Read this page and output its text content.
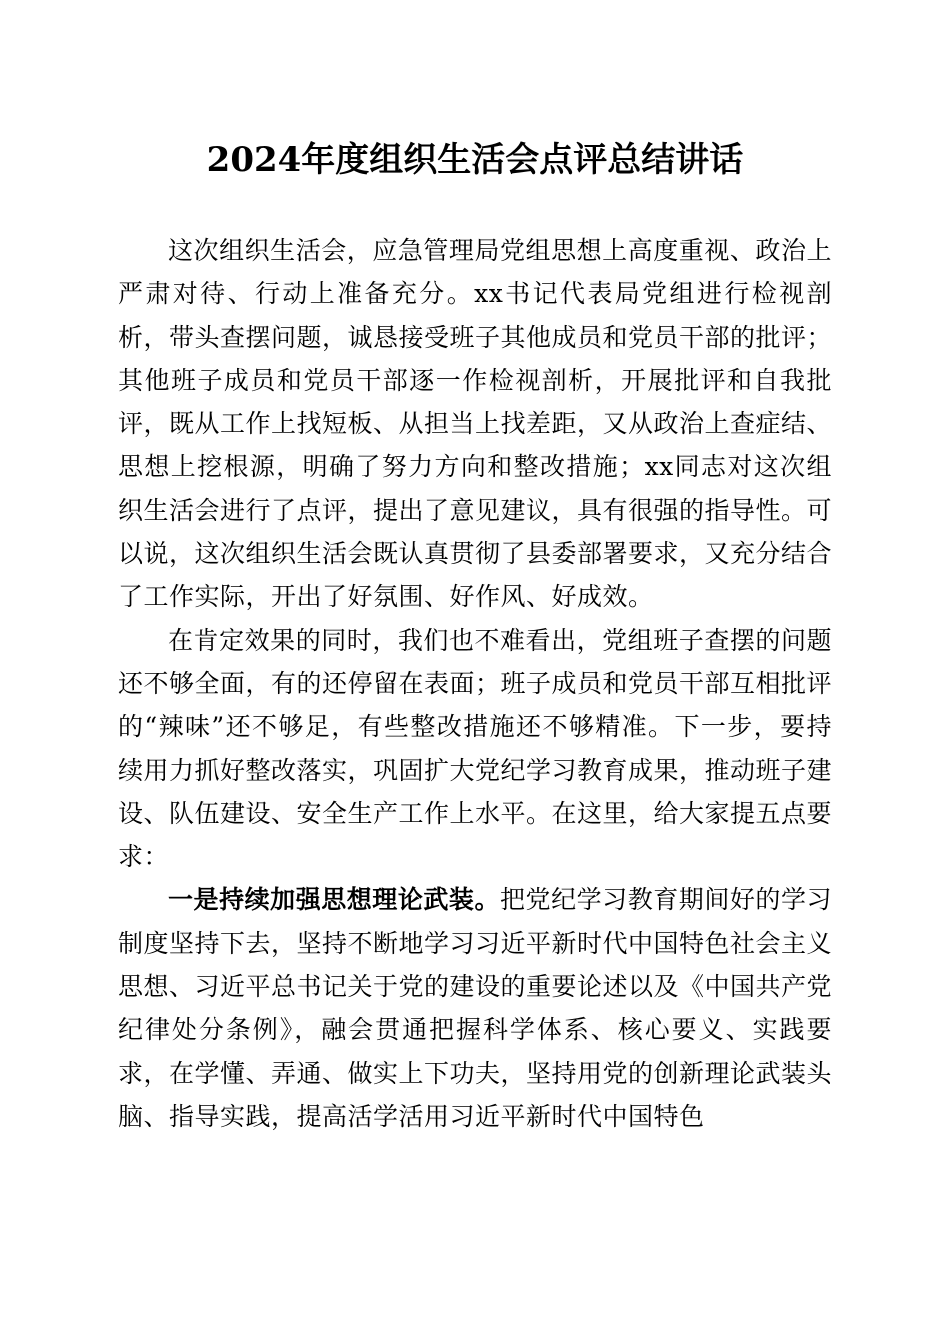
2024年度组织生活会点评总结讲话

这次组织生活会，应急管理局党组思想上高度重视、政治上严肃对待、行动上准备充分。xx书记代表局党组进行检视剖析，带头查摆问题，诚恳接受班子其他成员和党员干部的批评；其他班子成员和党员干部逐一作检视剖析，开展批评和自我批评，既从工作上找短板、从担当上找差距，又从政治上查症结、思想上挖根源，明确了努力方向和整改措施；xx同志对这次组织生活会进行了点评，提出了意见建议，具有很强的指导性。可以说，这次组织生活会既认真贯彻了县委部署要求，又充分结合了工作实际，开出了好氛围、好作风、好成效。

在肯定效果的同时，我们也不难看出，党组班子查摆的问题还不够全面，有的还停留在表面；班子成员和党员干部互相批评的“辣味”还不够足，有些整改措施还不够精准。下一步，要持续用力抓好整改落实，巩固扩大党纪学习教育成果，推动班子建设、队伍建设、安全生产工作上水平。在这里，给大家提五点要求：

一是持续加强思想理论武装。把党纪学习教育期间好的学习制度坚持下去，坚持不断地学习习近平新时代中国特色社会主义思想、习近平总书记关于党的建设的重要论述以及《中国共产党纪律处分条例》，融会贯通把握科学体系、核心要义、实践要求，在学懂、弄通、做实上下功夫，坚持用党的创新理论武装头脑、指导实践，提高活学活用习近平新时代中国特色
